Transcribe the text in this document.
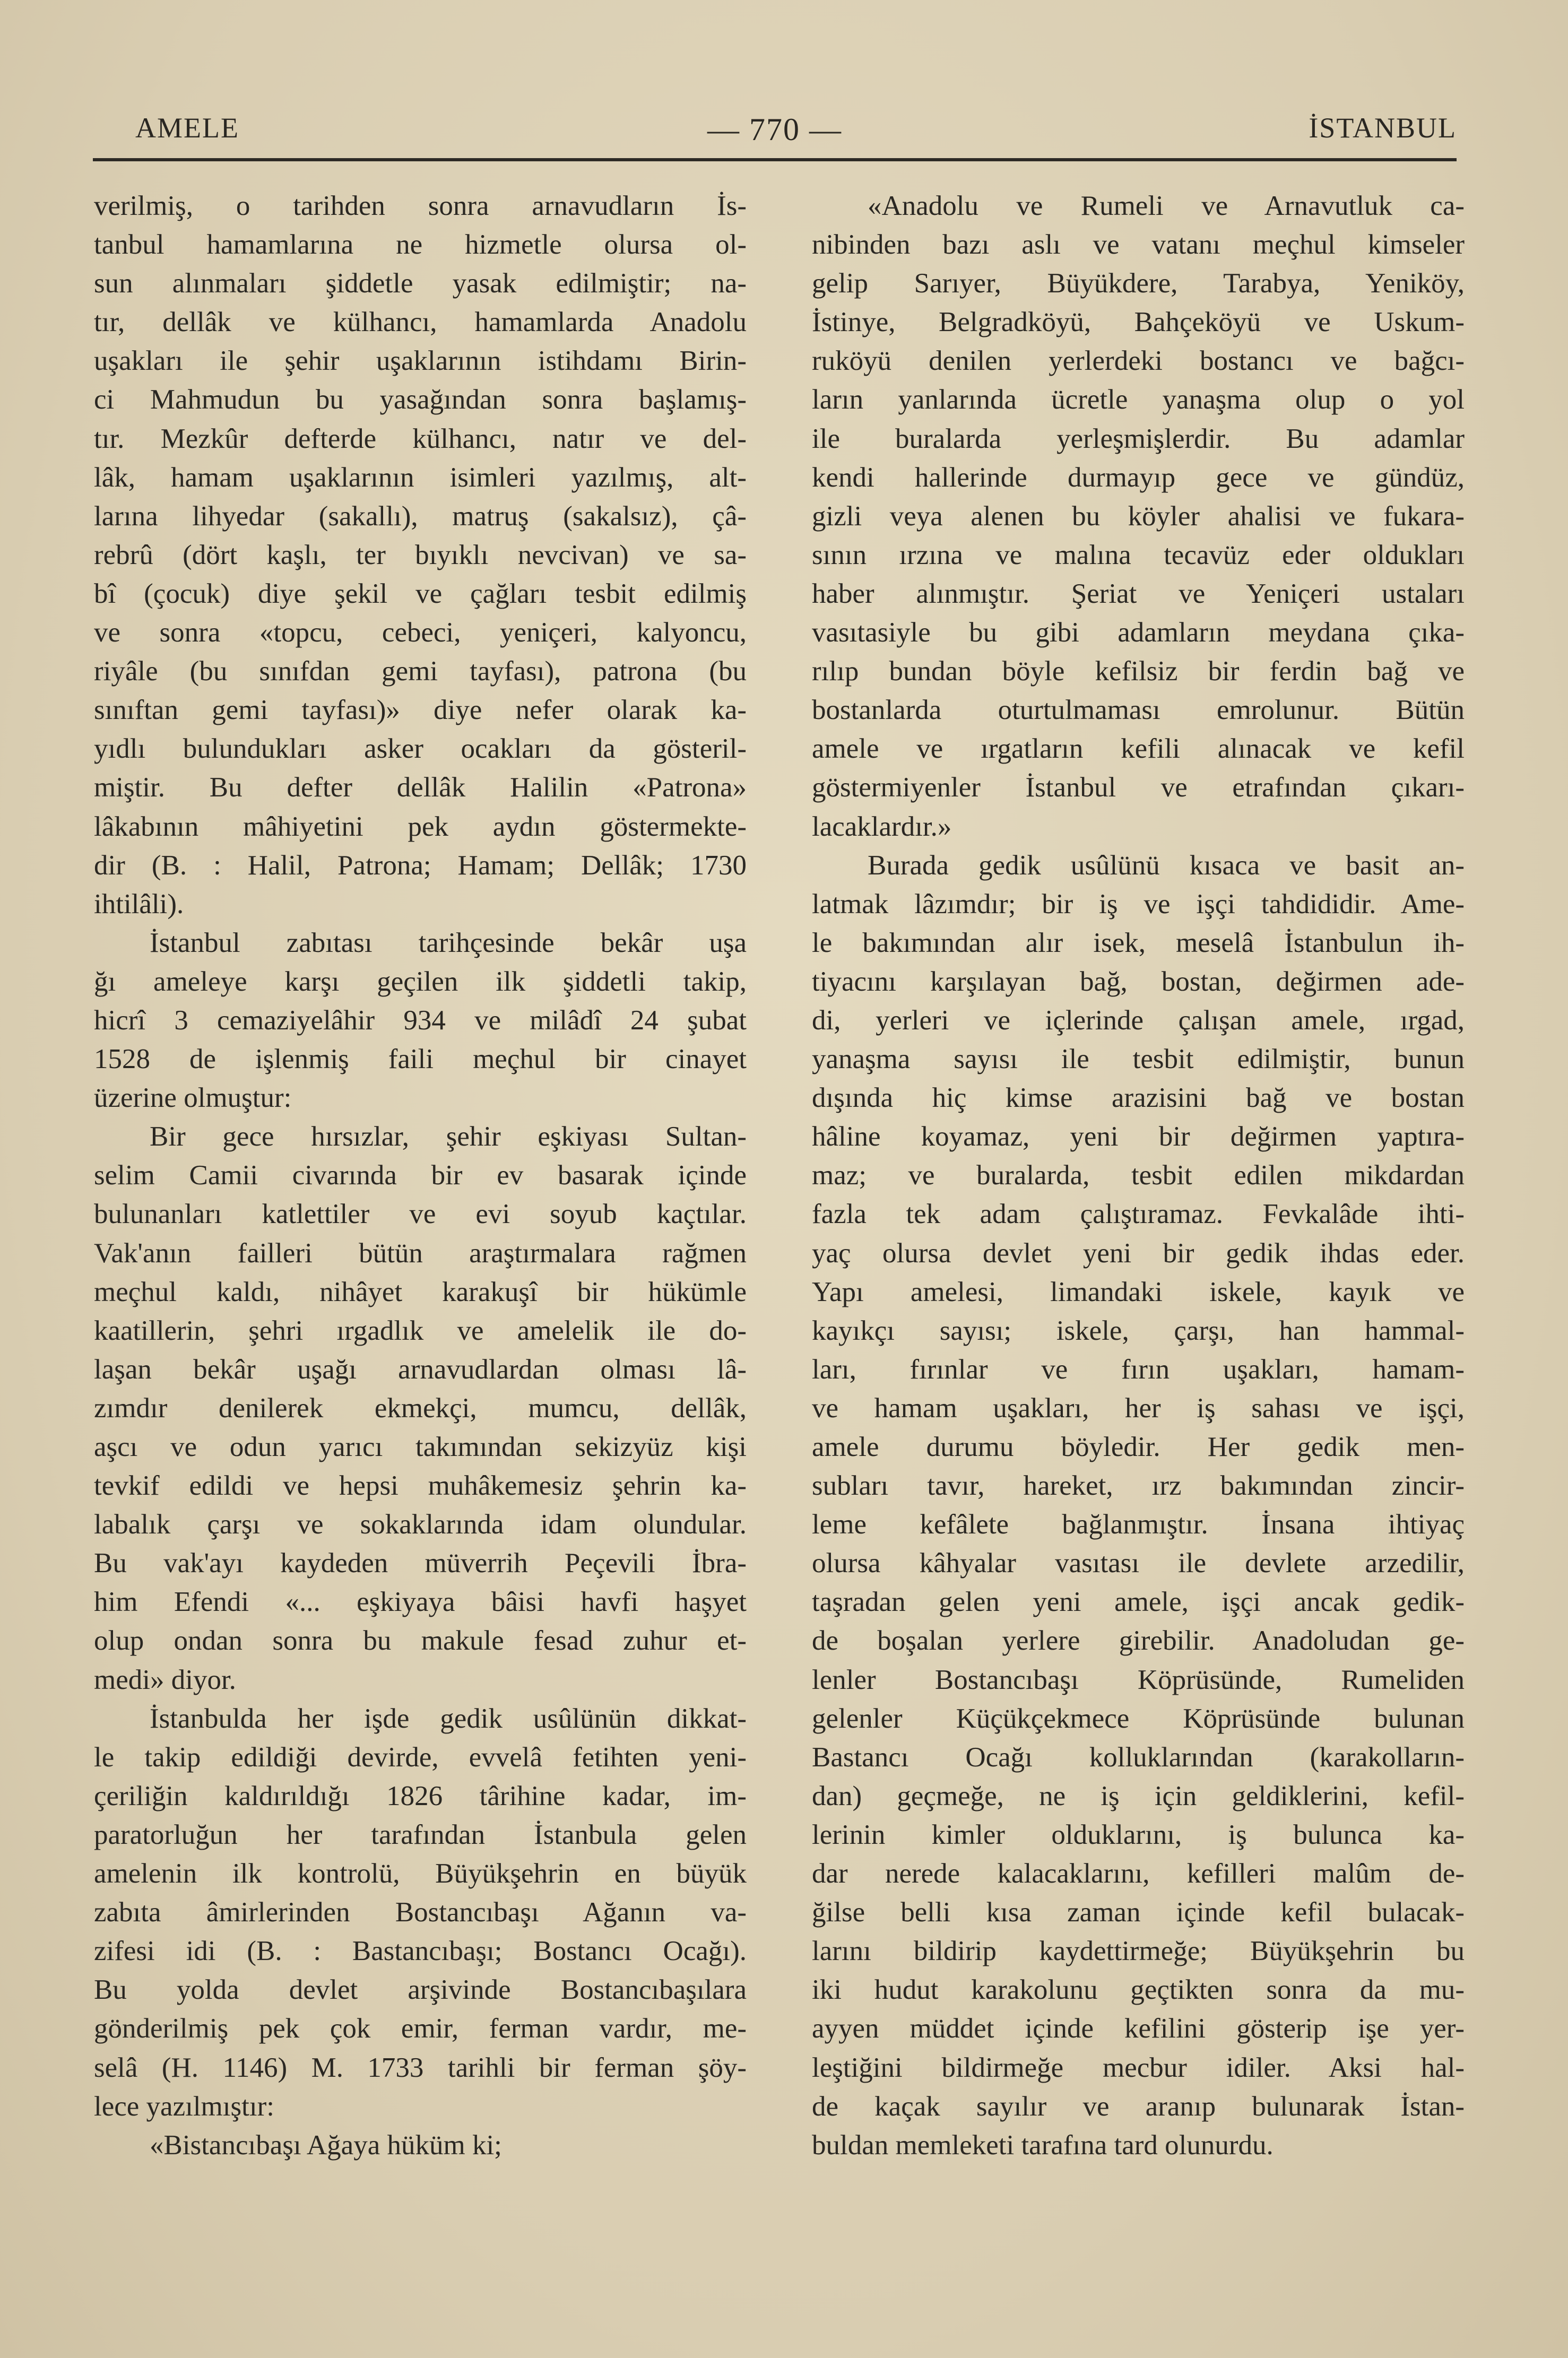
AMELE	— 770 —	İSTANBUL

verilmiş, o tarihden sonra arnavudların İs-
tanbul hamamlarına ne hizmetle olursa ol-
sun alınmaları şiddetle yasak edilmiştir; na-
tır, dellâk ve külhancı, hamamlarda Anadolu
uşakları ile şehir uşaklarının istihdamı Birin-
ci Mahmudun bu yasağından sonra başlamış-
tır. Mezkûr defterde külhancı, natır ve del-
lâk, hamam uşaklarının isimleri yazılmış, alt-
larına lihyedar (sakallı), matruş (sakalsız), çâ-
rebrû (dört kaşlı, ter bıyıklı nevcivan) ve sa-
bî (çocuk) diye şekil ve çağları tesbit edilmiş
ve sonra «topcu, cebeci, yeniçeri, kalyoncu,
riyâle (bu sınıfdan gemi tayfası), patrona (bu
sınıftan gemi tayfası)» diye nefer olarak ka-
yıdlı bulundukları asker ocakları da gösteril-
miştir. Bu defter dellâk Halilin «Patrona»
lâkabının mâhiyetini pek aydın göstermekte-
dir (B. : Halil, Patrona; Hamam; Dellâk; 1730
ihtilâli).

İstanbul zabıtası tarihçesinde bekâr uşa
ğı ameleye karşı geçilen ilk şiddetli takip,
hicrî 3 cemaziyelâhir 934 ve milâdî 24 şubat
1528 de işlenmiş faili meçhul bir cinayet
üzerine olmuştur:

Bir gece hırsızlar, şehir eşkiyası Sultan-
selim Camii civarında bir ev basarak içinde
bulunanları katlettiler ve evi soyub kaçtılar.
Vak'anın failleri bütün araştırmalara rağmen
meçhul kaldı, nihâyet karakuşî bir hükümle
kaatillerin, şehri ırgadlık ve amelelik ile do-
laşan bekâr uşağı arnavudlardan olması lâ-
zımdır denilerek ekmekçi, mumcu, dellâk,
aşcı ve odun yarıcı takımından sekizyüz kişi
tevkif edildi ve hepsi muhâkemesiz şehrin ka-
labalık çarşı ve sokaklarında idam olundular.
Bu vak'ayı kaydeden müverrih Peçevili İbra-
him Efendi «... eşkiyaya bâisi havfi haşyet
olup ondan sonra bu makule fesad zuhur et-
medi» diyor.

İstanbulda her işde gedik usûlünün dikkat-
le takip edildiği devirde, evvelâ fetihten yeni-
çeriliğin kaldırıldığı 1826 târihine kadar, im-
paratorluğun her tarafından İstanbula gelen
amelenin ilk kontrolü, Büyükşehrin en büyük
zabıta âmirlerinden Bostancıbaşı Ağanın va-
zifesi idi (B. : Bastancıbaşı; Bostancı Ocağı).
Bu yolda devlet arşivinde Bostancıbaşılara
gönderilmiş pek çok emir, ferman vardır, me-
selâ (H. 1146) M. 1733 tarihli bir ferman şöy-
lece yazılmıştır:

«Bistancıbaşı Ağaya hüküm ki;

«Anadolu ve Rumeli ve Arnavutluk ca-
nibinden bazı aslı ve vatanı meçhul kimseler
gelip Sarıyer, Büyükdere, Tarabya, Yeniköy,
İstinye, Belgradköyü, Bahçeköyü ve Uskum-
ruköyü denilen yerlerdeki bostancı ve bağcı-
ların yanlarında ücretle yanaşma olup o yol
ile buralarda yerleşmişlerdir. Bu adamlar
kendi hallerinde durmayıp gece ve gündüz,
gizli veya alenen bu köyler ahalisi ve fukara-
sının ırzına ve malına tecavüz eder oldukları
haber alınmıştır. Şeriat ve Yeniçeri ustaları
vasıtasiyle bu gibi adamların meydana çıka-
rılıp bundan böyle kefilsiz bir ferdin bağ ve
bostanlarda oturtulmaması emrolunur. Bütün
amele ve ırgatların kefili alınacak ve kefil
göstermiyenler İstanbul ve etrafından çıkarı-
lacaklardır.»

Burada gedik usûlünü kısaca ve basit an-
latmak lâzımdır; bir iş ve işçi tahdididir. Ame-
le bakımından alır isek, meselâ İstanbulun ih-
tiyacını karşılayan bağ, bostan, değirmen ade-
di, yerleri ve içlerinde çalışan amele, ırgad,
yanaşma sayısı ile tesbit edilmiştir, bunun
dışında hiç kimse arazisini bağ ve bostan
hâline koyamaz, yeni bir değirmen yaptıra-
maz; ve buralarda, tesbit edilen mikdardan
fazla tek adam çalıştıramaz. Fevkalâde ihti-
yaç olursa devlet yeni bir gedik ihdas eder.
Yapı amelesi, limandaki iskele, kayık ve
kayıkçı sayısı; iskele, çarşı, han hammal-
ları, fırınlar ve fırın uşakları, hamam-
ve hamam uşakları, her iş sahası ve işçi,
amele durumu böyledir. Her gedik men-
subları tavır, hareket, ırz bakımından zincir-
leme kefâlete bağlanmıştır. İnsana ihtiyaç
olursa kâhyalar vasıtası ile devlete arzedilir,
taşradan gelen yeni amele, işçi ancak gedik-
de boşalan yerlere girebilir. Anadoludan ge-
lenler Bostancıbaşı Köprüsünde, Rumeliden
gelenler Küçükçekmece Köprüsünde bulunan
Bastancı Ocağı kolluklarından (karakolların-
dan) geçmeğe, ne iş için geldiklerini, kefil-
lerinin kimler olduklarını, iş bulunca ka-
dar nerede kalacaklarını, kefilleri malûm de-
ğilse belli kısa zaman içinde kefil bulacak-
larını bildirip kaydettirmeğe; Büyükşehrin bu
iki hudut karakolunu geçtikten sonra da mu-
ayyen müddet içinde kefilini gösterip işe yer-
leştiğini bildirmeğe mecbur idiler. Aksi hal-
de kaçak sayılır ve aranıp bulunarak İstan-
buldan memleketi tarafına tard olunurdu.
